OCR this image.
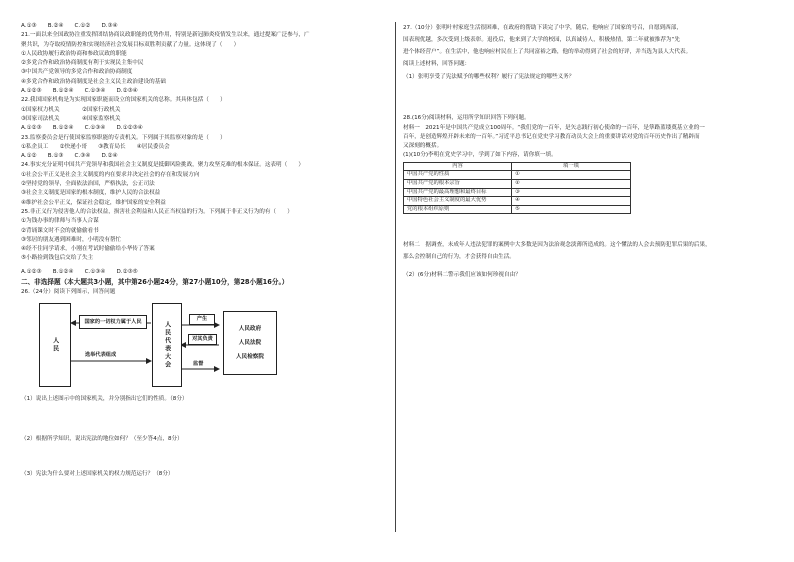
A.①③　　B.②④　　C.①②　　D.③④
21.一面以来全国政协注重发挥团结协商议政职能的优势作用，特别是新冠肺炎疫情发生以来，通过提案广泛参与，广
聚共识，为夺取疫情防控和实现经济社会发展目标双胜利贡献了力量。这体现了（　　）
①人民政协履行政治协商和参政议政的职能
②多党合作和政治协商制度有利于实现民主集中民
③中国共产党领导的多党合作和政治协商制度
④多党合作和政治协商制度是社会主义民主政治建设的基础
A.①②③　　B.①②④　　C.①③④　　D.②③④
22.我国国家机构是为实现国家职能而设立的国家机关的总称。其具体包括（　　）
①国家权力机关　　　　②国家行政机关
③国家司法机关　　　　④国家监察机关
A.①②③　　B.①②④　　C.①③④　　D.①②③④
23.监察委员会是行使国家监察职能的专责机关。下列属于其监察对象的是（　　）
①私企员工　　②快递小哥　　③教育局长　　④居民委员会
A.①②　　B.①③　　C.③④　　D.②④
24.事实充分证明中国共产党领导和我国社会主义制度是抵御风险挑战，聚力攻坚克难的根本保证。这表明（　　）
①社会公平正义是社会主义制度的内在要求并决定社会的存在和发展方向
②坚持党的领导，全面依法治国，严格执法，公正司法
③社会主义制度是国家的根本制度，维护人民的合法权益
④维护社会公平正义，保证社会稳定，维护国家的安全利益
25.非正义行为侵害他人的合法权益，损害社会利益和人民正当权益的行为。下列属于非正义行为的有（　　）
①为钱办事的律师与当事人合谋
②背诵课文时不会的就偷偷看书
③邻居的朋友遇到困难时，小明没有帮忙
④经不住同学请求，小刚在考试时偷偷给小华传了答案
⑤小路捡到钱包后交给了失主
A.①②③　　B.①②④　　C.①③④　　D.②③⑤
二、非选择题（本大题共3小题，其中第26小题24分，第27小题10分，第28小题16分。）
26.（24分）阅读下列图示，回答问题
人民
国家的一切权力属于人民
选举代表组成	人民代表大会
产生
对其负责
监督
人民政府
人民法院
人民检察院
（1）说出上述图示中的国家机关，并分别指出它们的性质。（8分）
（2）根据所学知识，说出宪法的地位如何？（至少答4点，8分）
（3）宪法为什么要对上述国家机关的权力规范运行？（8分）
27.（10分）张明叶村家庭生活很困难，在政府的帮助下读完了中学，随后，他响应了国家的号召，自愿到西部，
国表现优越，多次受到上级表彰。退役后，他来到了大学的校园，以真诚待人，积极热情，第二年就被推荐为“先
进个体经营户”。在生活中，他也响应村民在上了共同富裕之路，他的举动得到了社会的好评，并当选为县人大代表。
阅读上述材料，回答问题：
（1）张明享受了宪法赋予的哪些权利？履行了宪法规定的哪些义务？
28.(16分)阅读材料，运用所学知识回答下列问题。
材料一　2021年是中国共产党成立100周年。“我们党的一百年，是矢志践行初心使命的一百年，是筚路蓝缕奠基立业的一
百年，是创造辉煌开辟未来的一百年。”习近平总书记在党史学习教育动员大会上的重要讲话对党的百年历史作出了精辟而
又深刻的概括。
(1)(10分)李明在党史学习中，学到了如下内容，请你填一填。
内容	填一填
中国共产党的性质	①
中国共产党的根本宗旨	②
中国共产党的最高理想和最终目标	③
中国特色社会主义制度的最大优势	④
党的根本组织原则	⑤
材料二　据调查，未成年人违法犯罪的案例中大多数是因为法治观念淡薄所造成的。这个懂法的人会去预防犯罪后果的后果，
那么会控制自己的行为，才会获得自由生活。
（2）(6分)材料二警示我们应该如何珍视自由？
